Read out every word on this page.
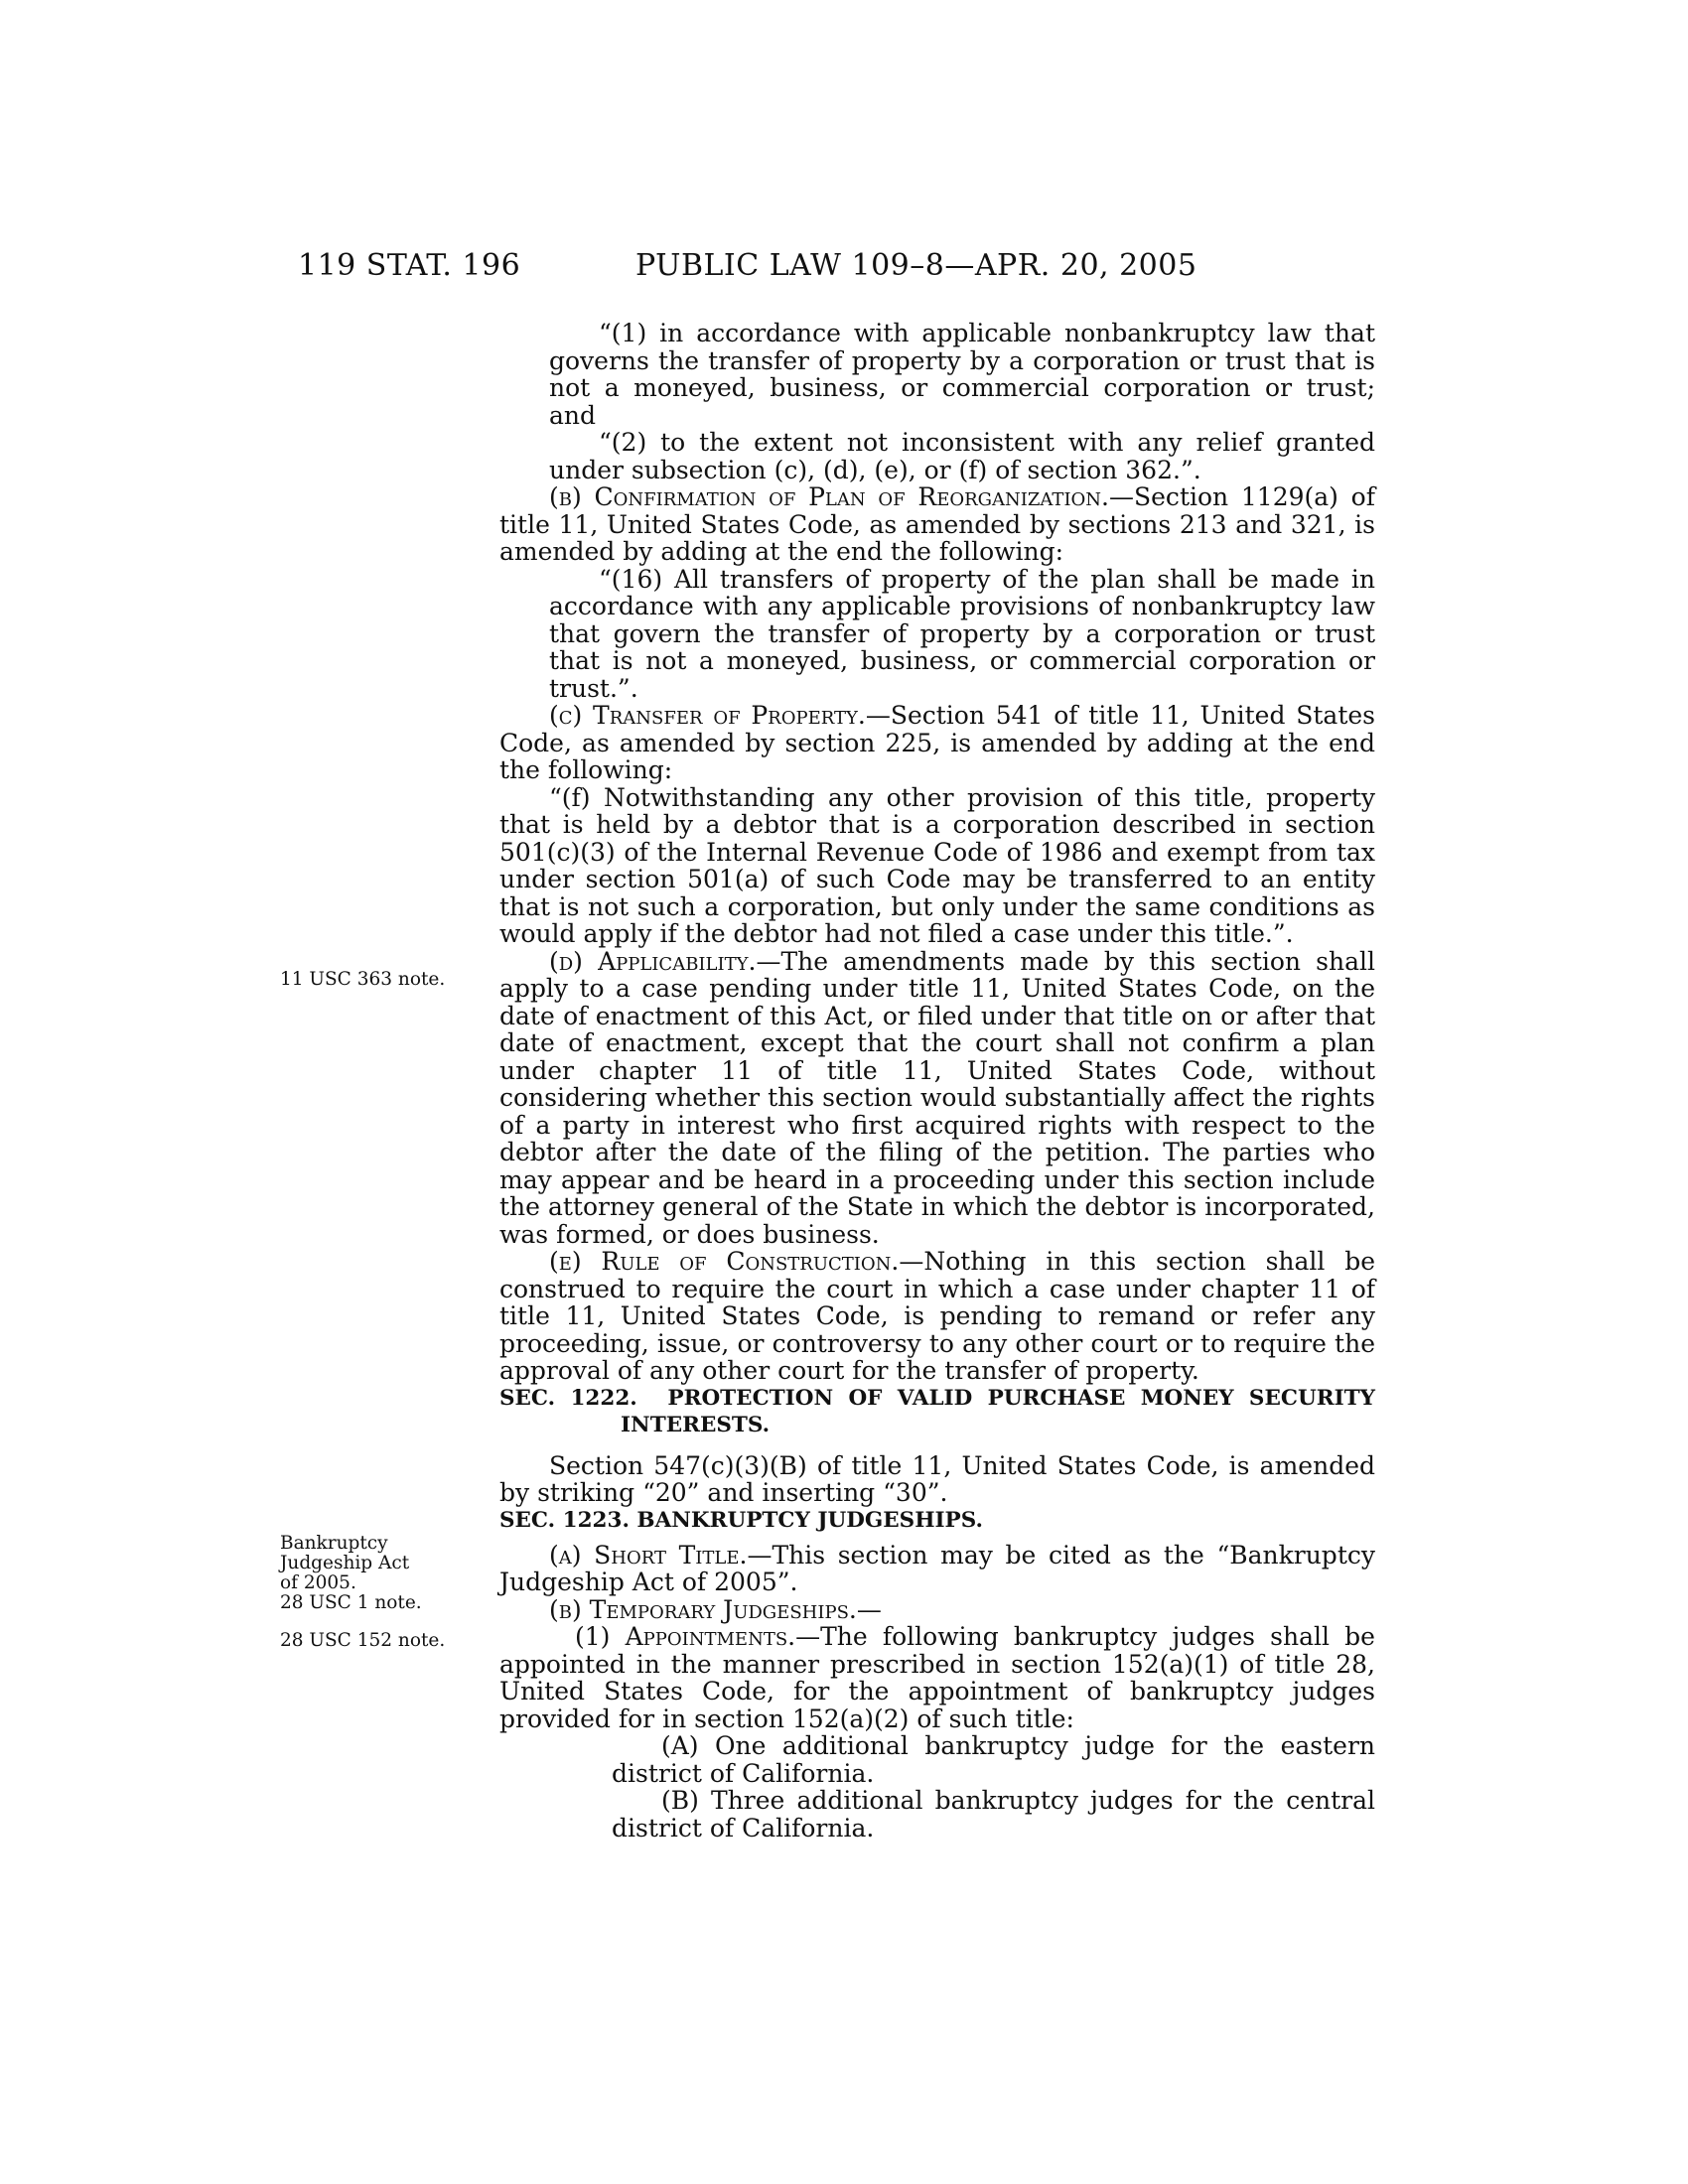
119 STAT. 196	PUBLIC LAW 109–8—APR. 20, 2005
11 USC 363 note.
Bankruptcy
Judgeship Act
of 2005.
28 USC 1 note.
28 USC 152 note.

“(1) in accordance with applicable nonbankruptcy law that governs the transfer of property by a corporation or trust that is not a moneyed, business, or commercial corporation or trust; and

“(2) to the extent not inconsistent with any relief granted under subsection (c), (d), (e), or (f) of section 362.”.

(b) Confirmation of Plan of Reorganization.—Section 1129(a) of title 11, United States Code, as amended by sections 213 and 321, is amended by adding at the end the following:

“(16) All transfers of property of the plan shall be made in accordance with any applicable provisions of nonbankruptcy law that govern the transfer of property by a corporation or trust that is not a moneyed, business, or commercial corporation or trust.”.

(c) Transfer of Property.—Section 541 of title 11, United States Code, as amended by section 225, is amended by adding at the end the following:

“(f) Notwithstanding any other provision of this title, property that is held by a debtor that is a corporation described in section 501(c)(3) of the Internal Revenue Code of 1986 and exempt from tax under section 501(a) of such Code may be transferred to an entity that is not such a corporation, but only under the same conditions as would apply if the debtor had not filed a case under this title.”.

(d) Applicability.—The amendments made by this section shall apply to a case pending under title 11, United States Code, on the date of enactment of this Act, or filed under that title on or after that date of enactment, except that the court shall not confirm a plan under chapter 11 of title 11, United States Code, without considering whether this section would substantially affect the rights of a party in interest who first acquired rights with respect to the debtor after the date of the filing of the petition. The parties who may appear and be heard in a proceeding under this section include the attorney general of the State in which the debtor is incorporated, was formed, or does business.

(e) Rule of Construction.—Nothing in this section shall be construed to require the court in which a case under chapter 11 of title 11, United States Code, is pending to remand or refer any proceeding, issue, or controversy to any other court or to require the approval of any other court for the transfer of property.

SEC. 1222. PROTECTION OF VALID PURCHASE MONEY SECURITY INTERESTS.

Section 547(c)(3)(B) of title 11, United States Code, is amended by striking “20” and inserting “30”.

SEC. 1223. BANKRUPTCY JUDGESHIPS.

(a) Short Title.—This section may be cited as the “Bankruptcy Judgeship Act of 2005”.

(b) Temporary Judgeships.—

(1) Appointments.—The following bankruptcy judges shall be appointed in the manner prescribed in section 152(a)(1) of title 28, United States Code, for the appointment of bankruptcy judges provided for in section 152(a)(2) of such title:

(A) One additional bankruptcy judge for the eastern district of California.

(B) Three additional bankruptcy judges for the central district of California.
